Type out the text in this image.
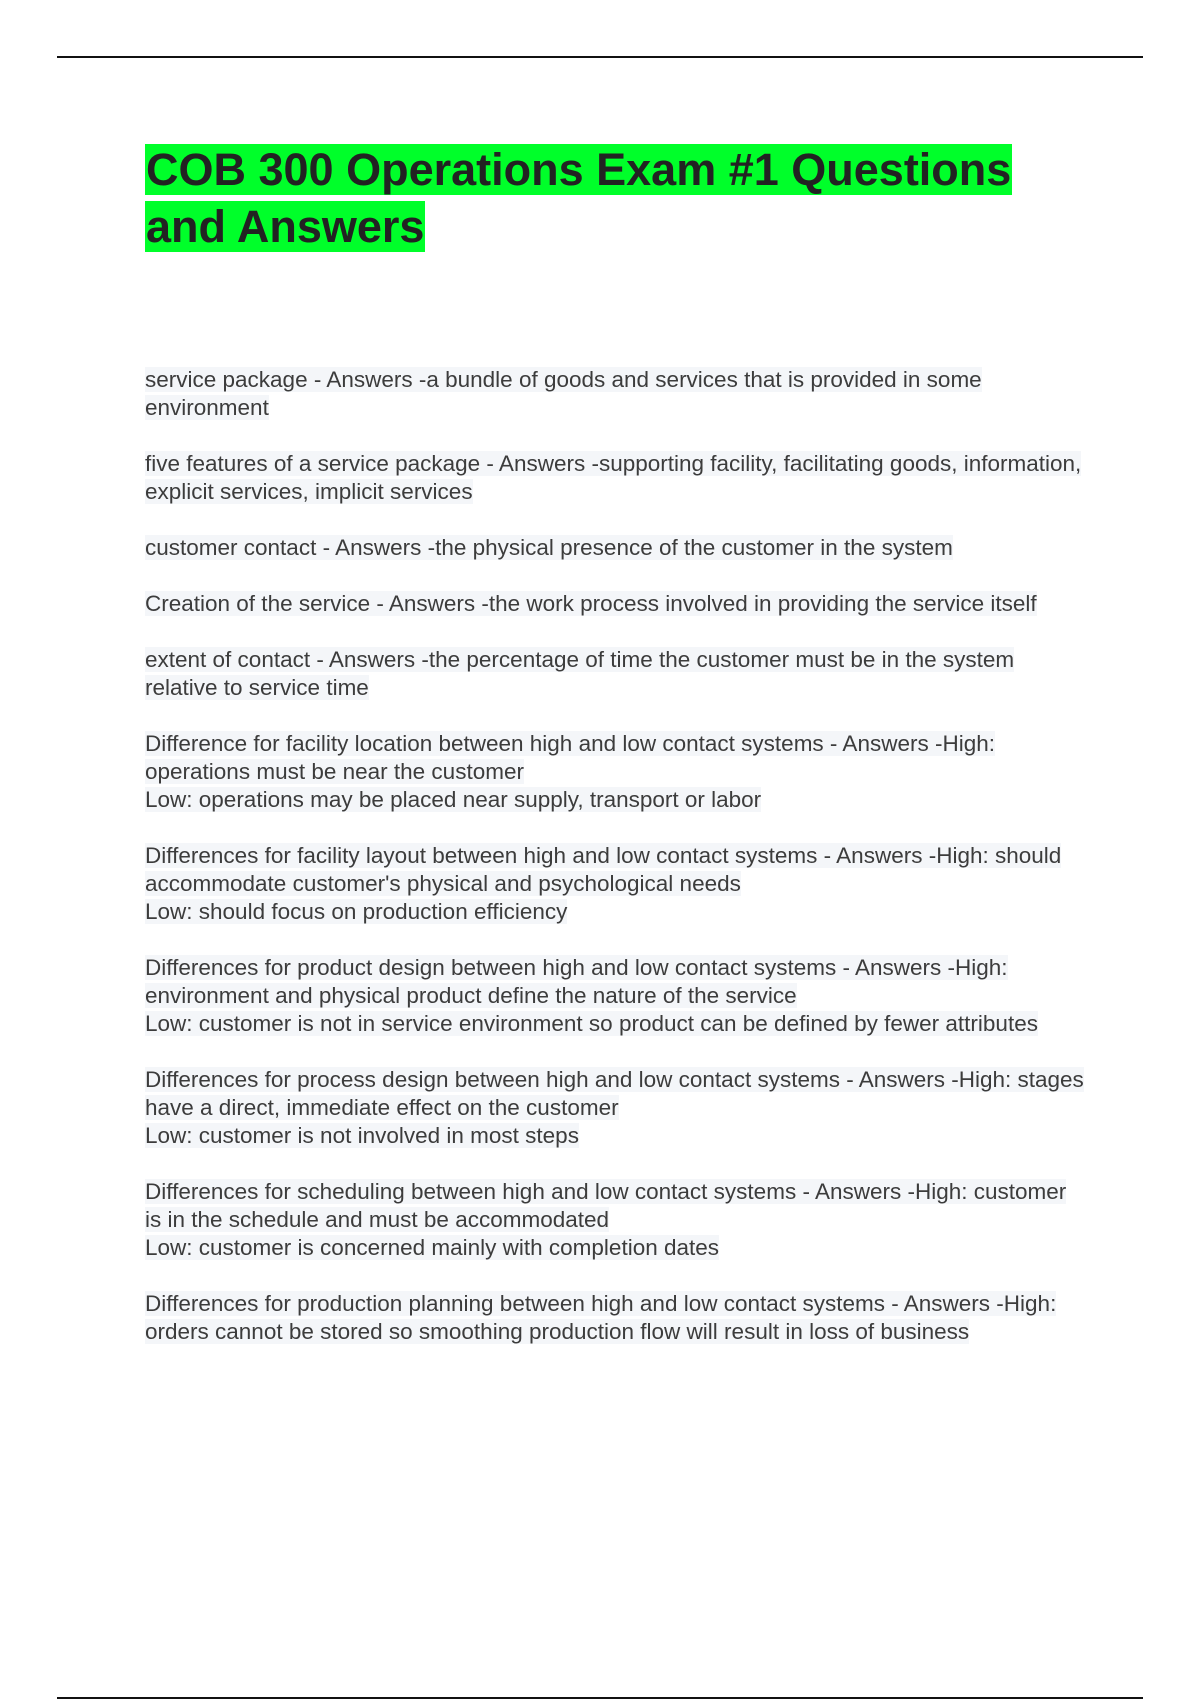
COB 300 Operations Exam #1 Questions and Answers

service package - Answers -a bundle of goods and services that is provided in some environment

five features of a service package - Answers -supporting facility, facilitating goods, information, explicit services, implicit services

customer contact - Answers -the physical presence of the customer in the system

Creation of the service - Answers -the work process involved in providing the service itself

extent of contact - Answers -the percentage of time the customer must be in the system relative to service time

Difference for facility location between high and low contact systems - Answers -High: operations must be near the customer
Low: operations may be placed near supply, transport or labor

Differences for facility layout between high and low contact systems - Answers -High: should accommodate customer's physical and psychological needs
Low: should focus on production efficiency

Differences for product design between high and low contact systems - Answers -High: environment and physical product define the nature of the service
Low: customer is not in service environment so product can be defined by fewer attributes

Differences for process design between high and low contact systems - Answers -High: stages have a direct, immediate effect on the customer
Low: customer is not involved in most steps

Differences for scheduling between high and low contact systems - Answers -High: customer is in the schedule and must be accommodated
Low: customer is concerned mainly with completion dates

Differences for production planning between high and low contact systems - Answers -High: orders cannot be stored so smoothing production flow will result in loss of business
